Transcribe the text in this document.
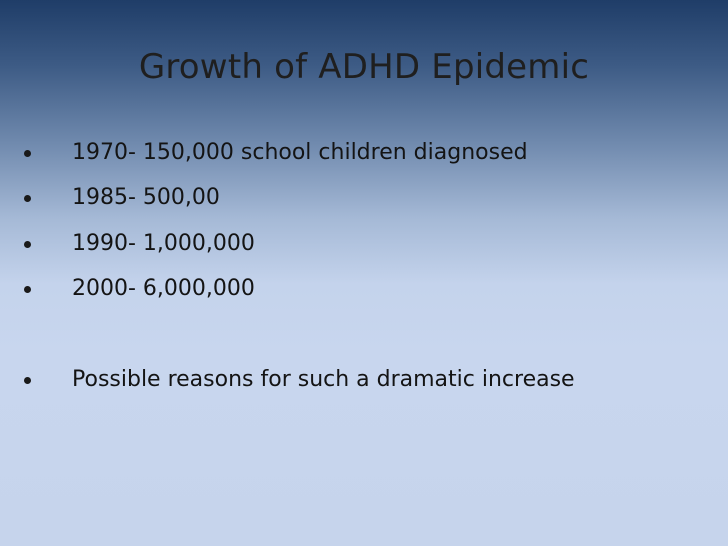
Growth of ADHD Epidemic
1970- 150,000 school children diagnosed
1985- 500,00
1990- 1,000,000
2000- 6,000,000
Possible reasons for such a dramatic increase
